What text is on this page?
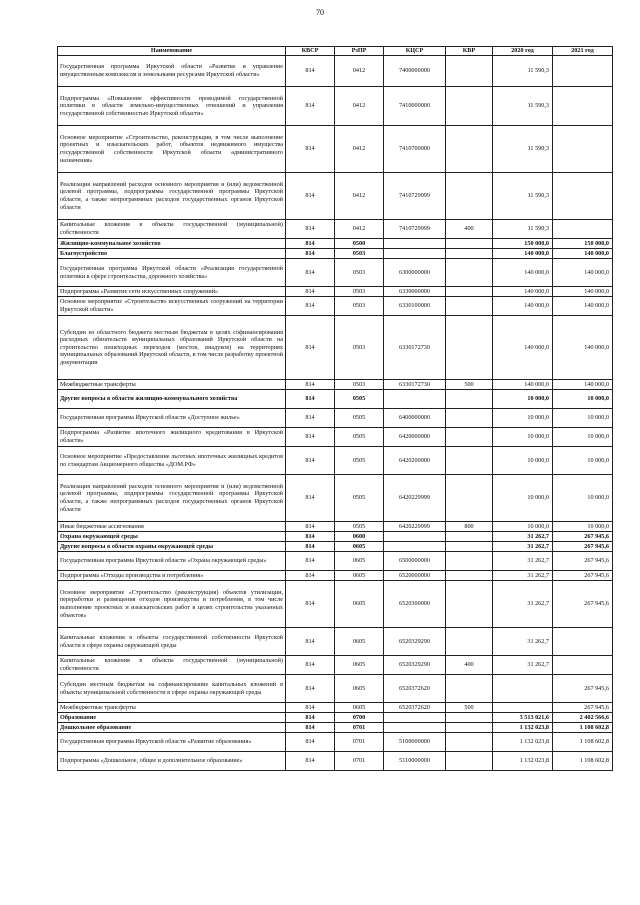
70
Наименование	КВСР	РзПР	КЦСР	КВР	2020 год	2021 год
Государственная программа Иркутской области «Развитие и управление имущественным комплексом и земельными ресурсами Иркутской области»	814	0412	7400000000		11 590,3	
Подпрограмма «Повышение эффективности проводимой государственной политики в области земельно-имущественных отношений и управления государственной собственностью Иркутской области»	814	0412	7410000000		11 590,3	
Основное мероприятие «Строительство, реконструкция, в том числе выполнение проектных и изыскательских работ, объектов недвижимого имущества государственной собственности Иркутской области административного назначения»	814	0412	7410700000		11 590,3	
Реализация направлений расходов основного мероприятия и (или) ведомственной целевой программы, подпрограммы государственной программы Иркутской области, а также непрограммных расходов государственных органов Иркутской области	814	0412	7410729999		11 590,3	
Капитальные вложения в объекты государственной (муниципальной) собственности	814	0412	7410729999	400	11 590,3	
Жилищно-коммунальное хозяйство	814	0500			150 000,0	150 000,0
Благоустройство	814	0503			140 000,0	140 000,0
Государственная программа Иркутской области «Реализация государственной политики в сфере строительства, дорожного хозяйства»	814	0503	6300000000		140 000,0	140 000,0
Подпрограмма «Развитие сети искусственных сооружений»	814	0503	6330000000		140 000,0	140 000,0
Основное мероприятие «Строительство искусственных сооружений на территории Иркутской области»	814	0503	6330100000		140 000,0	140 000,0
Субсидии из областного бюджета местным бюджетам в целях софинансирования расходных обязательств муниципальных образований Иркутской области на строительство пешеходных переходов (мостов, виадуков) на территориях муниципальных образований Иркутской области, в том числе разработку проектной документации	814	0503	6330172730		140 000,0	140 000,0
Межбюджетные трансферты	814	0503	6330172730	500	140 000,0	140 000,0
Другие вопросы в области жилищно-коммунального хозяйства	814	0505			10 000,0	10 000,0
Государственная программа Иркутской области «Доступное жилье»	814	0505	6400000000		10 000,0	10 000,0
Подпрограмма «Развитие ипотечного жилищного кредитования в Иркутской области»	814	0505	6420000000		10 000,0	10 000,0
Основное мероприятие «Предоставление льготных ипотечных жилищных кредитов по стандартам Акционерного общества «ДОМ.РФ»	814	0505	6420200000		10 000,0	10 000,0
Реализация направлений расходов основного мероприятия и (или) ведомственной целевой программы, подпрограммы государственной программы Иркутской области, а также непрограммных расходов государственных органов Иркутской области	814	0505	6420229999		10 000,0	10 000,0
Иные бюджетные ассигнования	814	0505	6420229999	800	10 000,0	10 000,0
Охрана окружающей среды	814	0600			31 262,7	267 945,6
Другие вопросы в области охраны окружающей среды	814	0605			31 262,7	267 945,6
Государственная программа Иркутской области «Охрана окружающей среды»	814	0605	6500000000		31 262,7	267 945,6
Подпрограмма «Отходы производства и потребления»	814	0605	6520000000		31 262,7	267 945,6
Основное мероприятие «Строительство (реконструкция) объектов утилизации, переработки и размещения отходов производства и потребления, в том числе выполнение проектных и изыскательских работ в целях строительства указанных объектов»	814	0605	6520300000		31 262,7	267 945,6
Капитальные вложения в объекты государственной собственности Иркутской области в сфере охраны окружающей среды	814	0605	6520329290		31 262,7	
Капитальные вложения в объекты государственной (муниципальной) собственности	814	0605	6520329290	400	31 262,7	
Субсидии местным бюджетам на софинансирование капитальных вложений в объекты муниципальной собственности в сфере охраны окружающей среды	814	0605	6520372620			267 945,6
Межбюджетные трансферты	814	0605	6520372620	500		267 945,6
Образование	814	0700			3 513 021,6	2 402 566,6
Дошкольное образование	814	0701			1 132 023,8	1 108 602,8
Государственная программа Иркутской области «Развитие образования»	814	0701	5100000000		1 132 023,8	1 108 602,8
Подпрограмма «Дошкольное, общее и дополнительное образование»	814	0701	5110000000		1 132 023,8	1 108 602,8
